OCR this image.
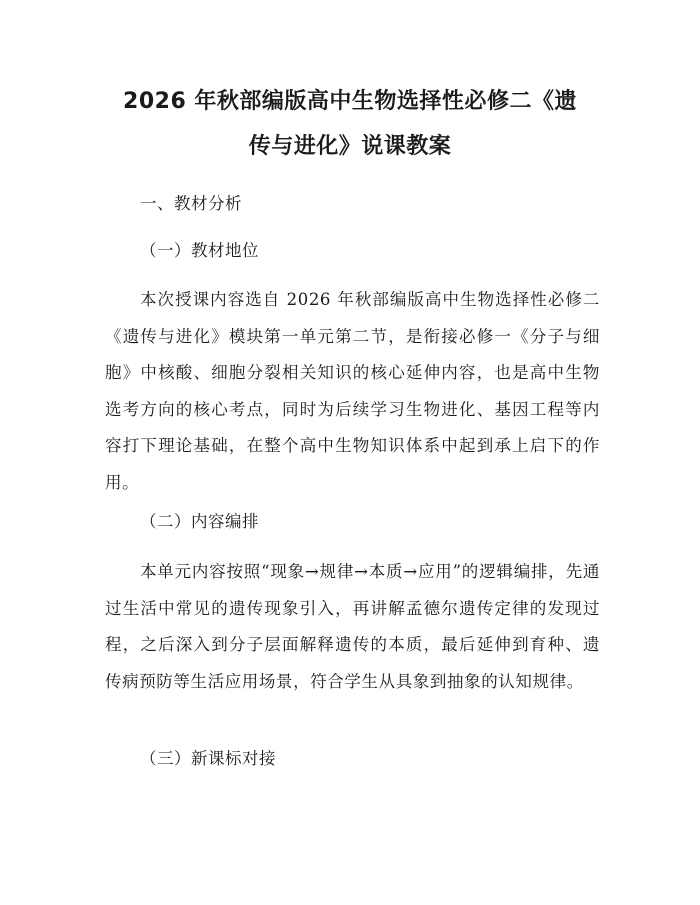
2026 年秋部编版高中生物选择性必修二《遗
传与进化》说课教案

一、教材分析

（一）教材地位

本次授课内容选自 2026 年秋部编版高中生物选择性必修二《遗传与进化》模块第一单元第二节，是衔接必修一《分子与细胞》中核酸、细胞分裂相关知识的核心延伸内容，也是高中生物选考方向的核心考点，同时为后续学习生物进化、基因工程等内容打下理论基础，在整个高中生物知识体系中起到承上启下的作用。

（二）内容编排

本单元内容按照“现象→规律→本质→应用”的逻辑编排，先通过生活中常见的遗传现象引入，再讲解孟德尔遗传定律的发现过程，之后深入到分子层面解释遗传的本质，最后延伸到育种、遗传病预防等生活应用场景，符合学生从具象到抽象的认知规律。

（三）新课标对接
